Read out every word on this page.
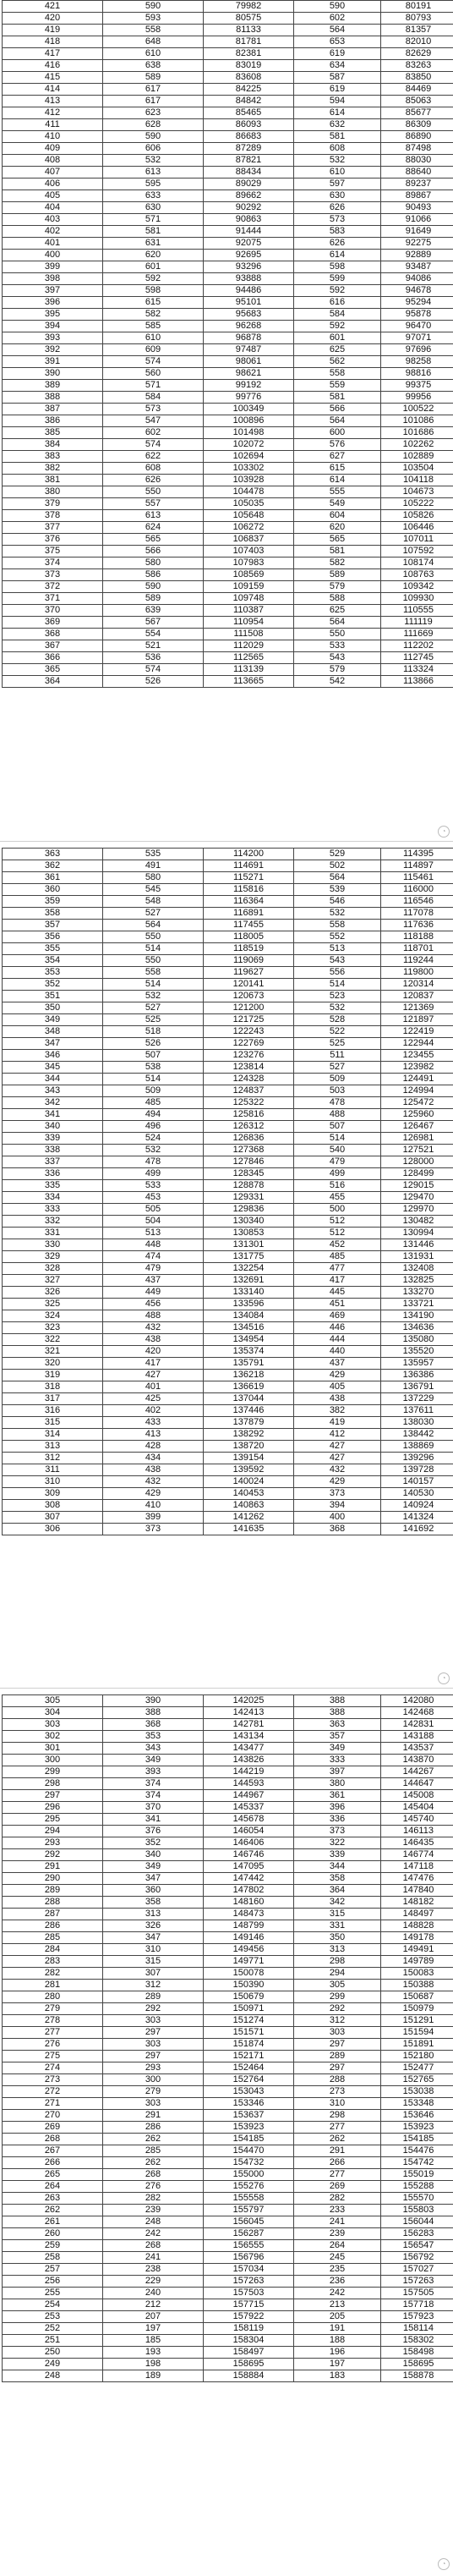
421	590	79982	590	80191
420	593	80575	602	80793
419	558	81133	564	81357
418	648	81781	653	82010
417	610	82381	619	82629
416	638	83019	634	83263
415	589	83608	587	83850
414	617	84225	619	84469
413	617	84842	594	85063
412	623	85465	614	85677
411	628	86093	632	86309
410	590	86683	581	86890
409	606	87289	608	87498
408	532	87821	532	88030
407	613	88434	610	88640
406	595	89029	597	89237
405	633	89662	630	89867
404	630	90292	626	90493
403	571	90863	573	91066
402	581	91444	583	91649
401	631	92075	626	92275
400	620	92695	614	92889
399	601	93296	598	93487
398	592	93888	599	94086
397	598	94486	592	94678
396	615	95101	616	95294
395	582	95683	584	95878
394	585	96268	592	96470
393	610	96878	601	97071
392	609	97487	625	97696
391	574	98061	562	98258
390	560	98621	558	98816
389	571	99192	559	99375
388	584	99776	581	99956
387	573	100349	566	100522
386	547	100896	564	101086
385	602	101498	600	101686
384	574	102072	576	102262
383	622	102694	627	102889
382	608	103302	615	103504
381	626	103928	614	104118
380	550	104478	555	104673
379	557	105035	549	105222
378	613	105648	604	105826
377	624	106272	620	106446
376	565	106837	565	107011
375	566	107403	581	107592
374	580	107983	582	108174
373	586	108569	589	108763
372	590	109159	579	109342
371	589	109748	588	109930
370	639	110387	625	110555
369	567	110954	564	111119
368	554	111508	550	111669
367	521	112029	533	112202
366	536	112565	543	112745
365	574	113139	579	113324
364	526	113665	542	113866
363	535	114200	529	114395
362	491	114691	502	114897
361	580	115271	564	115461
360	545	115816	539	116000
359	548	116364	546	116546
358	527	116891	532	117078
357	564	117455	558	117636
356	550	118005	552	118188
355	514	118519	513	118701
354	550	119069	543	119244
353	558	119627	556	119800
352	514	120141	514	120314
351	532	120673	523	120837
350	527	121200	532	121369
349	525	121725	528	121897
348	518	122243	522	122419
347	526	122769	525	122944
346	507	123276	511	123455
345	538	123814	527	123982
344	514	124328	509	124491
343	509	124837	503	124994
342	485	125322	478	125472
341	494	125816	488	125960
340	496	126312	507	126467
339	524	126836	514	126981
338	532	127368	540	127521
337	478	127846	479	128000
336	499	128345	499	128499
335	533	128878	516	129015
334	453	129331	455	129470
333	505	129836	500	129970
332	504	130340	512	130482
331	513	130853	512	130994
330	448	131301	452	131446
329	474	131775	485	131931
328	479	132254	477	132408
327	437	132691	417	132825
326	449	133140	445	133270
325	456	133596	451	133721
324	488	134084	469	134190
323	432	134516	446	134636
322	438	134954	444	135080
321	420	135374	440	135520
320	417	135791	437	135957
319	427	136218	429	136386
318	401	136619	405	136791
317	425	137044	438	137229
316	402	137446	382	137611
315	433	137879	419	138030
314	413	138292	412	138442
313	428	138720	427	138869
312	434	139154	427	139296
311	438	139592	432	139728
310	432	140024	429	140157
309	429	140453	373	140530
308	410	140863	394	140924
307	399	141262	400	141324
306	373	141635	368	141692
305	390	142025	388	142080
304	388	142413	388	142468
303	368	142781	363	142831
302	353	143134	357	143188
301	343	143477	349	143537
300	349	143826	333	143870
299	393	144219	397	144267
298	374	144593	380	144647
297	374	144967	361	145008
296	370	145337	396	145404
295	341	145678	336	145740
294	376	146054	373	146113
293	352	146406	322	146435
292	340	146746	339	146774
291	349	147095	344	147118
290	347	147442	358	147476
289	360	147802	364	147840
288	358	148160	342	148182
287	313	148473	315	148497
286	326	148799	331	148828
285	347	149146	350	149178
284	310	149456	313	149491
283	315	149771	298	149789
282	307	150078	294	150083
281	312	150390	305	150388
280	289	150679	299	150687
279	292	150971	292	150979
278	303	151274	312	151291
277	297	151571	303	151594
276	303	151874	297	151891
275	297	152171	289	152180
274	293	152464	297	152477
273	300	152764	288	152765
272	279	153043	273	153038
271	303	153346	310	153348
270	291	153637	298	153646
269	286	153923	277	153923
268	262	154185	262	154185
267	285	154470	291	154476
266	262	154732	266	154742
265	268	155000	277	155019
264	276	155276	269	155288
263	282	155558	282	155570
262	239	155797	233	155803
261	248	156045	241	156044
260	242	156287	239	156283
259	268	156555	264	156547
258	241	156796	245	156792
257	238	157034	235	157027
256	229	157263	236	157263
255	240	157503	242	157505
254	212	157715	213	157718
253	207	157922	205	157923
252	197	158119	191	158114
251	185	158304	188	158302
250	193	158497	196	158498
249	198	158695	197	158695
248	189	158884	183	158878
◔
◔
◔
